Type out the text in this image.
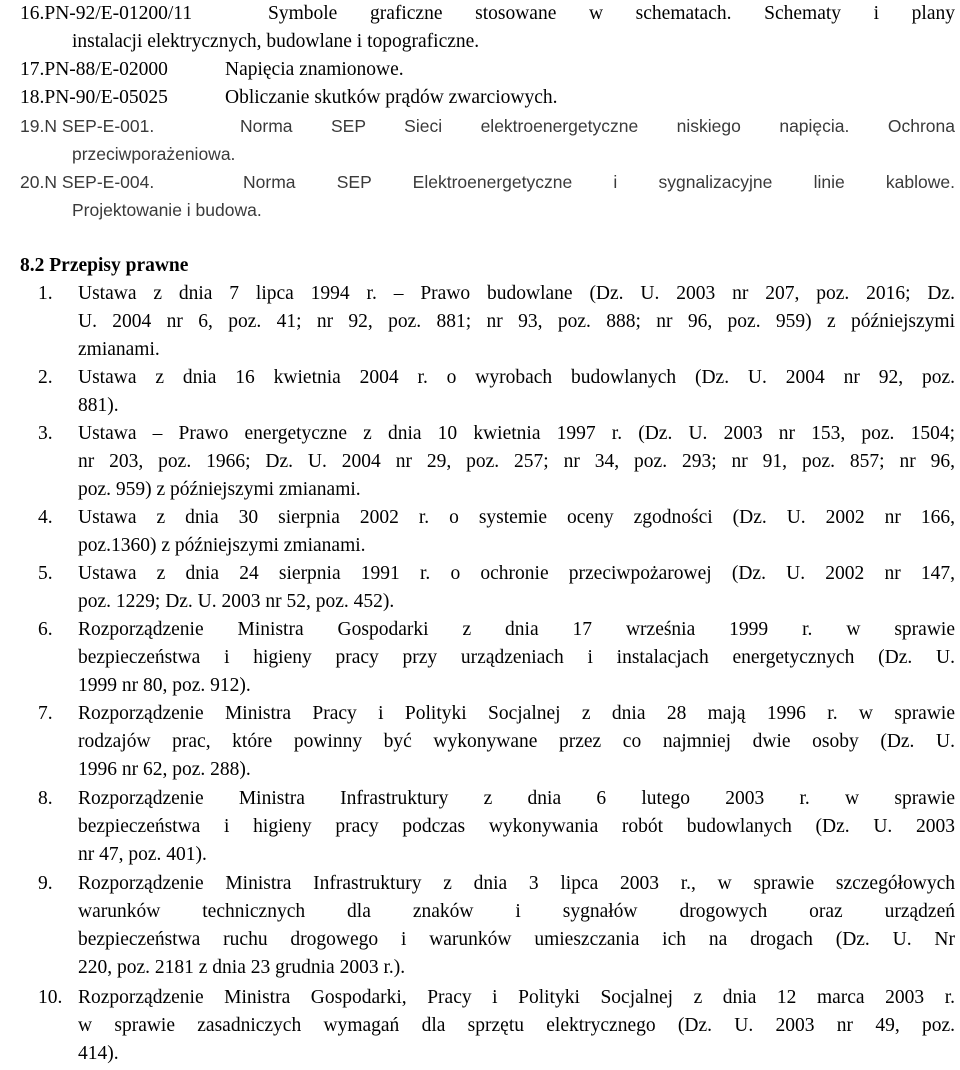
16.PN-92/E-01200/11	Symbole graficzne stosowane w schematach. Schematy i plany
instalacji elektrycznych, budowlane i topograficzne.
17.PN-88/E-02000	Napięcia znamionowe.
18.PN-90/E-05025	Obliczanie skutków prądów zwarciowych.
19.N SEP-E-001.	Norma SEP Sieci elektroenergetyczne niskiego napięcia. Ochrona
przeciwporażeniowa.
20.N SEP-E-004.	Norma SEP Elektroenergetyczne i sygnalizacyjne linie kablowe.
Projektowanie i budowa.
8.2 Przepisy prawne
1. Ustawa z dnia 7 lipca 1994 r. – Prawo budowlane (Dz. U. 2003 nr 207, poz. 2016; Dz.
U. 2004 nr 6, poz. 41; nr 92, poz. 881; nr 93, poz. 888; nr 96, poz. 959) z późniejszymi
zmianami.
2. Ustawa z dnia 16 kwietnia 2004 r. o wyrobach budowlanych (Dz. U. 2004 nr 92, poz.
881).
3. Ustawa – Prawo energetyczne z dnia 10 kwietnia 1997 r. (Dz. U. 2003 nr 153, poz. 1504;
nr 203, poz. 1966; Dz. U. 2004 nr 29, poz. 257; nr 34, poz. 293; nr 91, poz. 857; nr 96,
poz. 959) z późniejszymi zmianami.
4. Ustawa z dnia 30 sierpnia 2002 r. o systemie oceny zgodności (Dz. U. 2002 nr 166,
poz.1360) z późniejszymi zmianami.
5. Ustawa z dnia 24 sierpnia 1991 r. o ochronie przeciwpożarowej (Dz. U. 2002 nr 147,
poz. 1229; Dz. U. 2003 nr 52, poz. 452).
6. Rozporządzenie Ministra Gospodarki z dnia 17 września 1999 r. w sprawie
bezpieczeństwa i higieny pracy przy urządzeniach i instalacjach energetycznych (Dz. U.
1999 nr 80, poz. 912).
7. Rozporządzenie Ministra Pracy i Polityki Socjalnej z dnia 28 mają 1996 r. w sprawie
rodzajów prac, które powinny być wykonywane przez co najmniej dwie osoby (Dz. U.
1996 nr 62, poz. 288).
8. Rozporządzenie Ministra Infrastruktury z dnia 6 lutego 2003 r. w sprawie
bezpieczeństwa i higieny pracy podczas wykonywania robót budowlanych (Dz. U. 2003
nr 47, poz. 401).
9. Rozporządzenie Ministra Infrastruktury z dnia 3 lipca 2003 r., w sprawie szczegółowych
warunków technicznych dla znaków i sygnałów drogowych oraz urządzeń
bezpieczeństwa ruchu drogowego i warunków umieszczania ich na drogach (Dz. U. Nr
220, poz. 2181 z dnia 23 grudnia 2003 r.).
10. Rozporządzenie Ministra Gospodarki, Pracy i Polityki Socjalnej z dnia 12 marca 2003 r.
w sprawie zasadniczych wymagań dla sprzętu elektrycznego (Dz. U. 2003 nr 49, poz.
414).
